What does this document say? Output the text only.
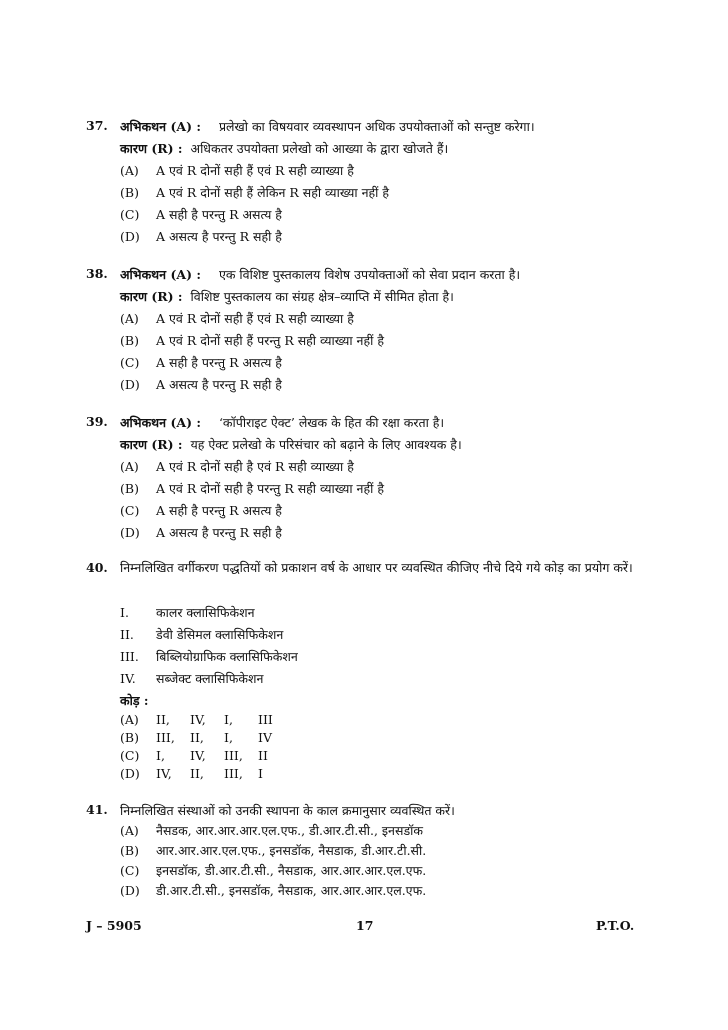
37. अभिकथन (A) : प्रलेखो का विषयवार व्यवस्थापन अधिक उपयोक्ताओं को सन्तुष्ट करेगा।
कारण (R) : अधिकतर उपयोक्ता प्रलेखो को आख्या के द्वारा खोजते हैं।
(A) A एवं R दोनों सही हैं एवं R सही व्याख्या है
(B) A एवं R दोनों सही हैं लेकिन R सही व्याख्या नहीं है
(C) A सही है परन्तु R असत्य है
(D) A असत्य है परन्तु R सही है
38. अभिकथन (A) : एक विशिष्ट पुस्तकालय विशेष उपयोक्ताओं को सेवा प्रदान करता है।
कारण (R) : विशिष्ट पुस्तकालय का संग्रह क्षेत्र–व्याप्ति में सीमित होता है।
(A) A एवं R दोनों सही हैं एवं R सही व्याख्या है
(B) A एवं R दोनों सही हैं परन्तु R सही व्याख्या नहीं है
(C) A सही है परन्तु R असत्य है
(D) A असत्य है परन्तु R सही है
39. अभिकथन (A) : ‘कॉपीराइट ऐक्ट’ लेखक के हित की रक्षा करता है।
कारण (R) : यह ऐक्ट प्रलेखो के परिसंचार को बढ़ाने के लिए आवश्यक है।
(A) A एवं R दोनों सही है एवं R सही व्याख्या है
(B) A एवं R दोनों सही है परन्तु R सही व्याख्या नहीं है
(C) A सही है परन्तु R असत्य है
(D) A असत्य है परन्तु R सही है
40. निम्नलिखित वर्गीकरण पद्धतियों को प्रकाशन वर्ष के आधार पर व्यवस्थित कीजिए नीचे दिये गये कोड़ का प्रयोग करें।
I. कालर क्लासिफिकेशन
II. डेवी डेसिमल क्लासिफिकेशन
III. बिब्लियोग्राफिक क्लासिफिकेशन
IV. सब्जेक्ट क्लासिफिकेशन
कोड़ :
(A) II, IV, I, III
(B) III, II, I, IV
(C) I, IV, III, II
(D) IV, II, III, I
41. निम्नलिखित संस्थाओं को उनकी स्थापना के काल क्रमानुसार व्यवस्थित करें।
(A) नैसडक, आर.आर.आर.एल.एफ., डी.आर.टी.सी., इनसडॉक
(B) आर.आर.आर.एल.एफ., इनसडॉक, नैसडाक, डी.आर.टी.सी.
(C) इनसडॉक, डी.आर.टी.सी., नैसडाक, आर.आर.आर.एल.एफ.
(D) डी.आर.टी.सी., इनसडॉक, नैसडाक, आर.आर.आर.एल.एफ.
J – 5905	17	P.T.O.
